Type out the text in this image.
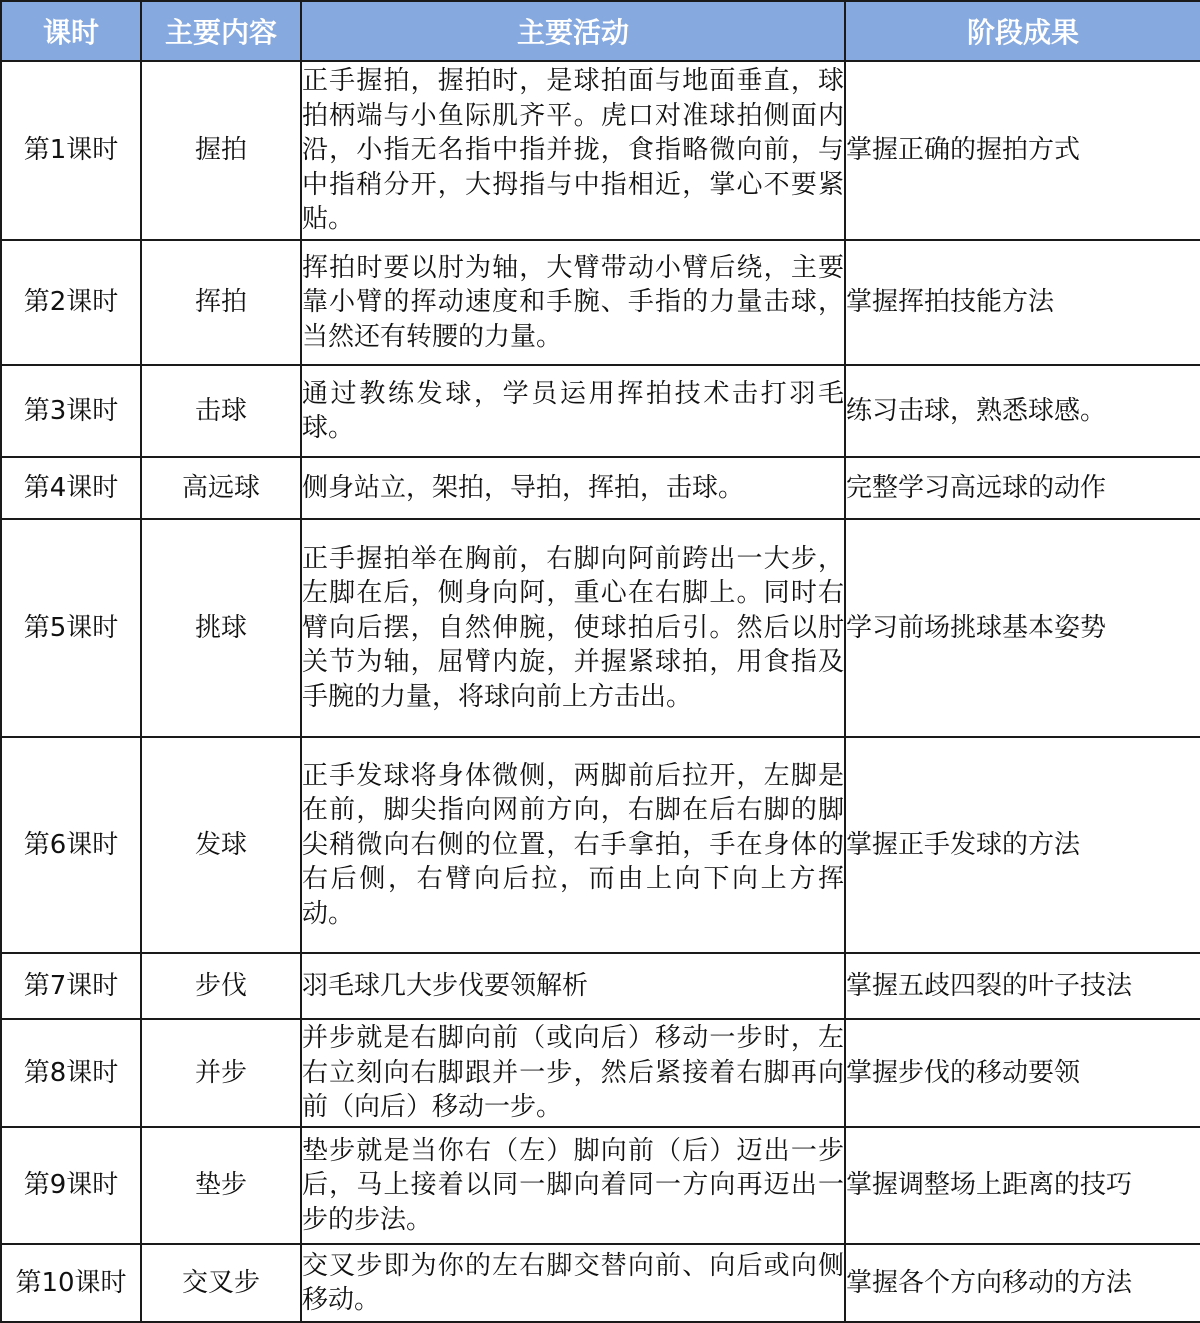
课时	主要内容	主要活动	阶段成果
第1课时	握拍	正手握拍，握拍时，是球拍面与地面垂直，球拍柄端与小鱼际肌齐平。虎口对准球拍侧面内沿，小指无名指中指并拢，食指略微向前，与中指稍分开，大拇指与中指相近，掌心不要紧贴。	掌握正确的握拍方式
第2课时	挥拍	挥拍时要以肘为轴，大臂带动小臂后绕，主要靠小臂的挥动速度和手腕、手指的力量击球，当然还有转腰的力量。	掌握挥拍技能方法
第3课时	击球	通过教练发球，学员运用挥拍技术击打羽毛球。	练习击球，熟悉球感。
第4课时	高远球	侧身站立，架拍，导拍，挥拍，击球。	完整学习高远球的动作
第5课时	挑球	正手握拍举在胸前，右脚向阿前跨出一大步，左脚在后，侧身向阿，重心在右脚上。同时右臂向后摆，自然伸腕，使球拍后引。然后以肘关节为轴，屈臂内旋，并握紧球拍，用食指及手腕的力量，将球向前上方击出。	学习前场挑球基本姿势
第6课时	发球	正手发球将身体微侧，两脚前后拉开，左脚是在前，脚尖指向网前方向，右脚在后右脚的脚尖稍微向右侧的位置，右手拿拍，手在身体的右后侧，右臂向后拉，而由上向下向上方挥动。	掌握正手发球的方法
第7课时	步伐	羽毛球几大步伐要领解析	掌握五歧四裂的叶子技法
第8课时	并步	并步就是右脚向前（或向后）移动一步时，左右立刻向右脚跟并一步，然后紧接着右脚再向前（向后）移动一步。	掌握步伐的移动要领
第9课时	垫步	垫步就是当你右（左）脚向前（后）迈出一步后，马上接着以同一脚向着同一方向再迈出一步的步法。	掌握调整场上距离的技巧
第10课时	交叉步	交叉步即为你的左右脚交替向前、向后或向侧移动。	掌握各个方向移动的方法
